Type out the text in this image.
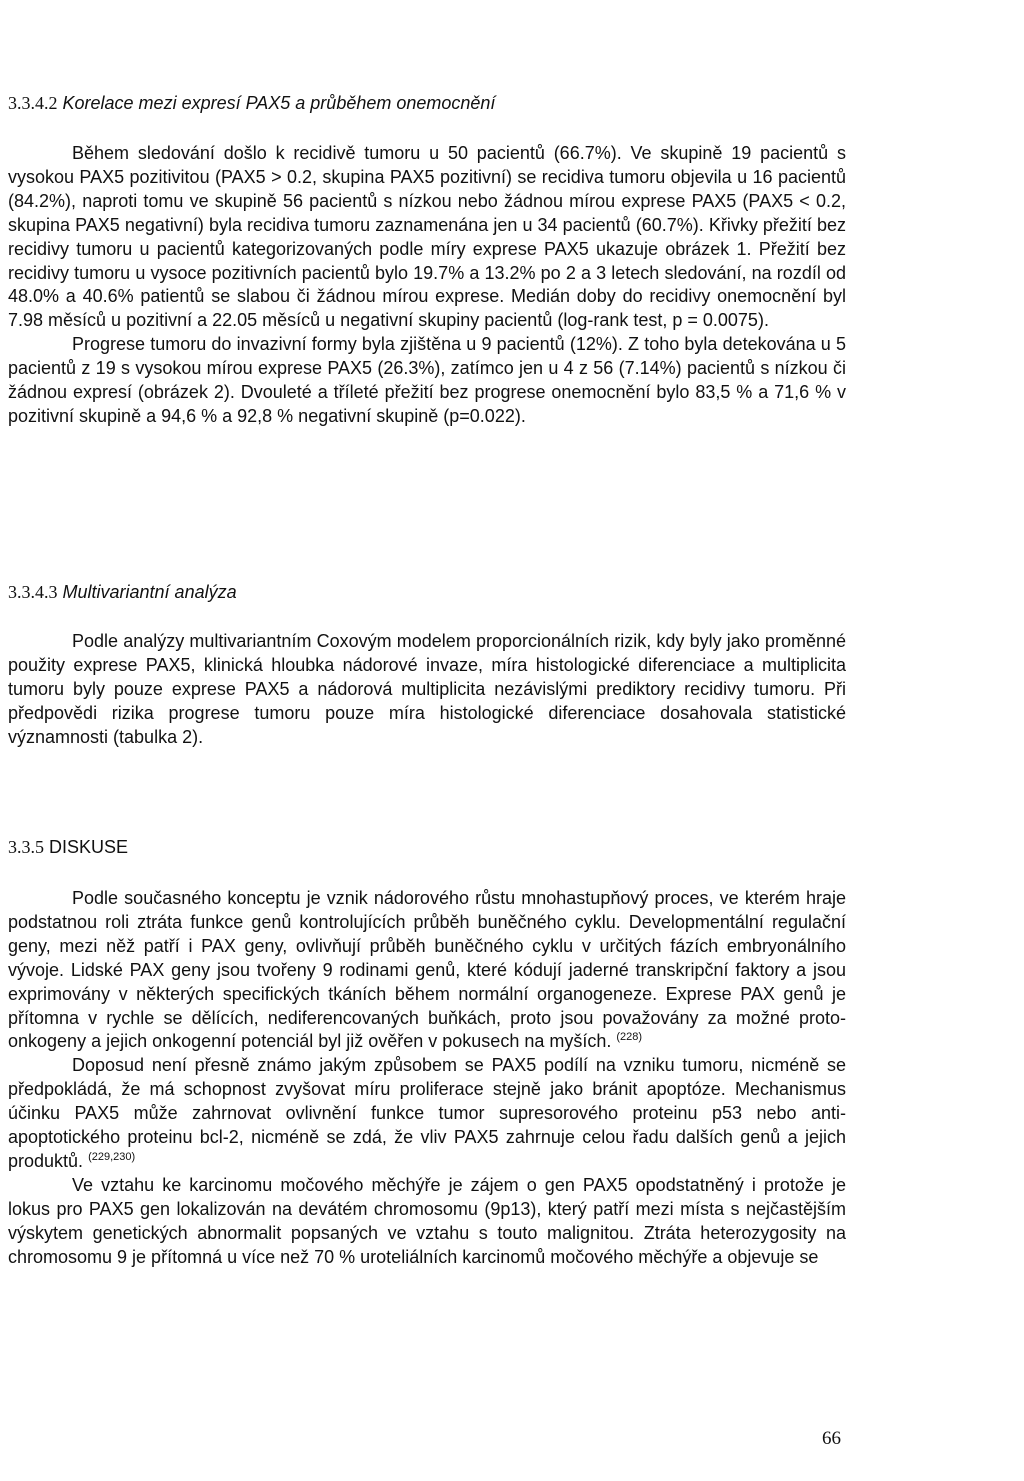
3.3.4.2 Korelace mezi expresí PAX5 a průběhem onemocnění

Během sledování došlo k recidivě tumoru u 50 pacientů (66.7%). Ve skupině 19 pacientů s vysokou PAX5 pozitivitou (PAX5 > 0.2, skupina PAX5 pozitivní) se recidiva tumoru objevila u 16 pacientů (84.2%), naproti tomu ve skupině 56 pacientů s nízkou nebo žádnou mírou exprese PAX5 (PAX5 < 0.2, skupina PAX5 negativní) byla recidiva tumoru zaznamenána jen u 34 pacientů (60.7%). Křivky přežití bez recidivy tumoru u pacientů kategorizovaných podle míry exprese PAX5 ukazuje obrázek 1. Přežití bez recidivy tumoru u vysoce pozitivních pacientů bylo 19.7% a 13.2% po 2 a 3 letech sledování, na rozdíl od 48.0% a 40.6% patientů se slabou či žádnou mírou exprese. Medián doby do recidivy onemocnění byl 7.98 měsíců u pozitivní a 22.05 měsíců u negativní skupiny pacientů (log-rank test, p = 0.0075).

Progrese tumoru do invazivní formy byla zjištěna u 9 pacientů (12%). Z toho byla detekována u 5 pacientů z 19 s vysokou mírou exprese PAX5 (26.3%), zatímco jen u 4 z 56 (7.14%) pacientů s nízkou či žádnou expresí (obrázek 2). Dvouleté a tříleté přežití bez progrese onemocnění bylo 83,5 % a 71,6 % v pozitivní skupině a 94,6 % a 92,8 % negativní skupině (p=0.022).

3.3.4.3 Multivariantní analýza

Podle analýzy multivariantním Coxovým modelem proporcionálních rizik, kdy byly jako proměnné použity exprese PAX5, klinická hloubka nádorové invaze, míra histologické diferenciace a multiplicita tumoru byly pouze exprese PAX5 a nádorová multiplicita nezávislými prediktory recidivy tumoru. Při předpovědi rizika progrese tumoru pouze míra histologické diferenciace dosahovala statistické významnosti (tabulka 2).

3.3.5 DISKUSE

Podle současného konceptu je vznik nádorového růstu mnohastupňový proces, ve kterém hraje podstatnou roli ztráta funkce genů kontrolujících průběh buněčného cyklu. Developmentální regulační geny, mezi něž patří i PAX geny, ovlivňují průběh buněčného cyklu v určitých fázích embryonálního vývoje. Lidské PAX geny jsou tvořeny 9 rodinami genů, které kódují jaderné transkripční faktory a jsou exprimovány v některých specifických tkáních během normální organogeneze. Exprese PAX genů je přítomna v rychle se dělících, nediferencovaných buňkách, proto jsou považovány za možné proto-onkogeny a jejich onkogenní potenciál byl již ověřen v pokusech na myších. $^{(228)}$

Doposud není přesně známo jakým způsobem se PAX5 podílí na vzniku tumoru, nicméně se předpokládá, že má schopnost zvyšovat míru proliferace stejně jako bránit apoptóze. Mechanismus účinku PAX5 může zahrnovat ovlivnění funkce tumor supresorového proteinu p53 nebo anti-apoptotického proteinu bcl-2, nicméně se zdá, že vliv PAX5 zahrnuje celou řadu dalších genů a jejich produktů. $^{(229,230)}$

Ve vztahu ke karcinomu močového měchýře je zájem o gen PAX5 opodstatněný i protože je lokus pro PAX5 gen lokalizován na devátém chromosomu (9p13), který patří mezi místa s nejčastějším výskytem genetických abnormalit popsaných ve vztahu s touto malignitou. Ztráta heterozygosity na chromosomu 9 je přítomná u více než 70 % uroteliálních karcinomů močového měchýře a objevuje se

66
